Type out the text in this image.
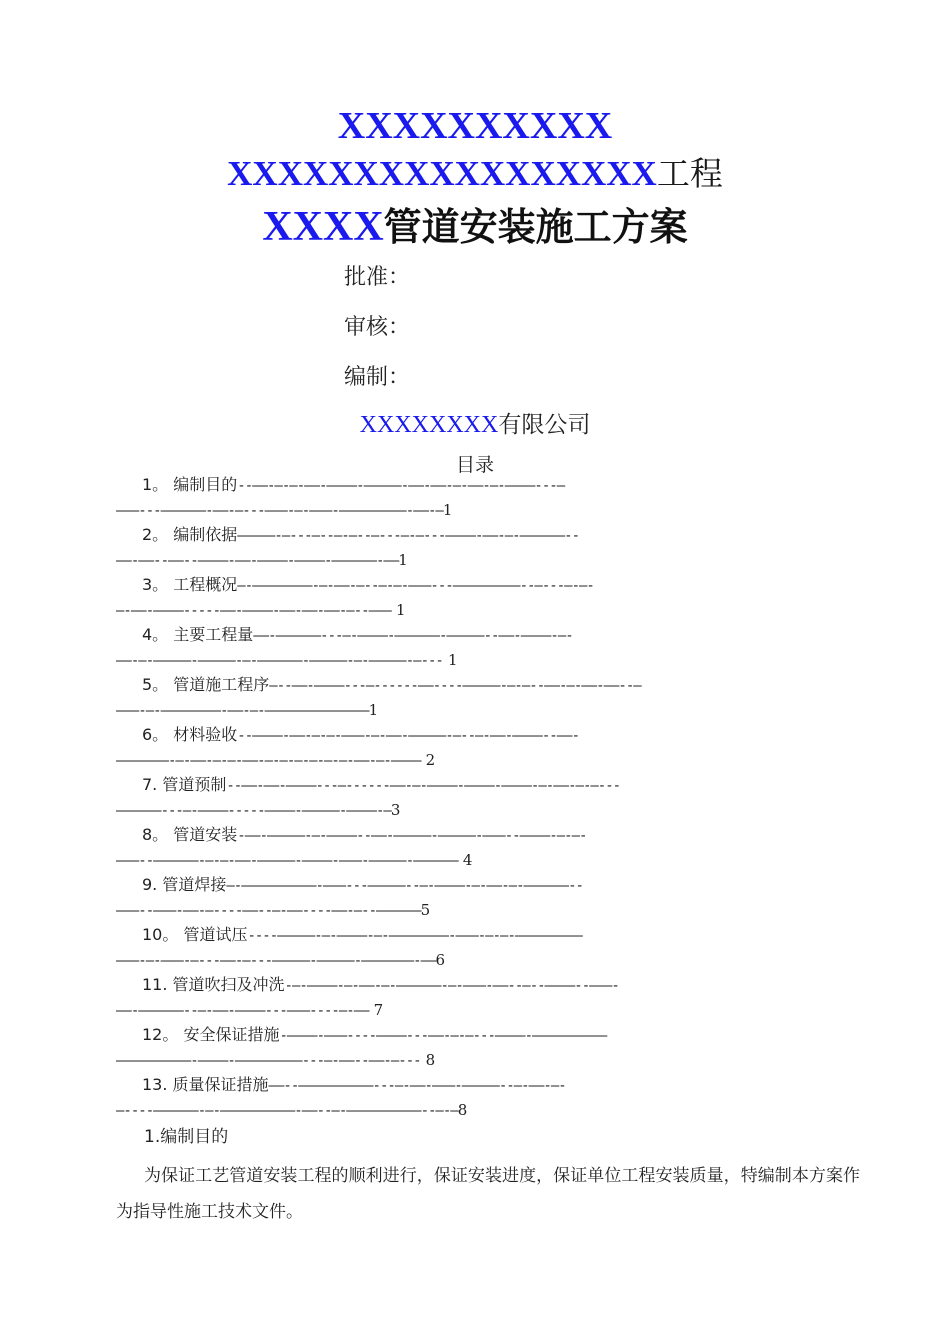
XXXXXXXXXX
XXXXXXXXXXXXXXXXX工程
XXXX管道安装施工方案
批准：
审核：
编制：
XXXXXXXX有限公司
目录
1。 编制目的--——-—-—-——-————-—————-——-——-—-——-—-————---—
———---——————-——-—---———-—-———-—————————-——-—1
2。 编制依据—————-—---—--—-—--—---—-—---————-——-—-——————--
——-——--——--————-——-————-————-——————-——1
3。 工程概况—-————————-—-——-—--—-—-———---—————————--—---—-—-
—-——-————-----——-————-——-——-——-—--——— 1
4。 主要工程量——-——————---—-————-——————-—————--——-————-—-
——-—-—————-—————-—-——————-—————-—-—————-—--- 1
5。 管道施工程序—--——-————---—------——----—————-—-—--——-—-——-——--—
———-—-————————-——-—-——————————————1
6。 材料验收--————-——-—-—-———-—-——-—————-—--—-——-————--——-
———————-—-——-—-—-——-—-—-—-—-—-—-——-—-———— 2
7. 管道预制--——-——-————---—------——-—-————-————-————-—-——-—-—---
——————---—-————-----————-—————-————-—3
8。 管道安装-——-—————-—-————--——-—————-—————-———--————-—-—-
———--——————-—-—-——-—————-————-———-—————-—————— 4
9. 管道焊接—-——————————-———---—————--—-————-—-——-—-——————--
———--———-——-—----——--—-——----——-—--——————5
10。 管道试压----—————-—-————-—-————————-———-—-—-—————————
———-—-———-—---——-—---—————-—————-———————-——6
11. 管道吹扫及冲洗-—-————-—-——-—-——————-—-———-——--—--————--———-
——-——————--—-——-————---———----—-—— 7
12。 安全保证措施-————-———----————---——-—-—---————-——————————
——————————-————-—————————---—-——--——-—--- 8
13. 质量保证措施——--——————————---—-——-———-—————--—-——-—-
—----——————-—-——————————-——--—-——————————--—-—8
1.编制目的
为保证工艺管道安装工程的顺利进行，保证安装进度，保证单位工程安装质量，特编制本方案作为指导性施工技术文件。
